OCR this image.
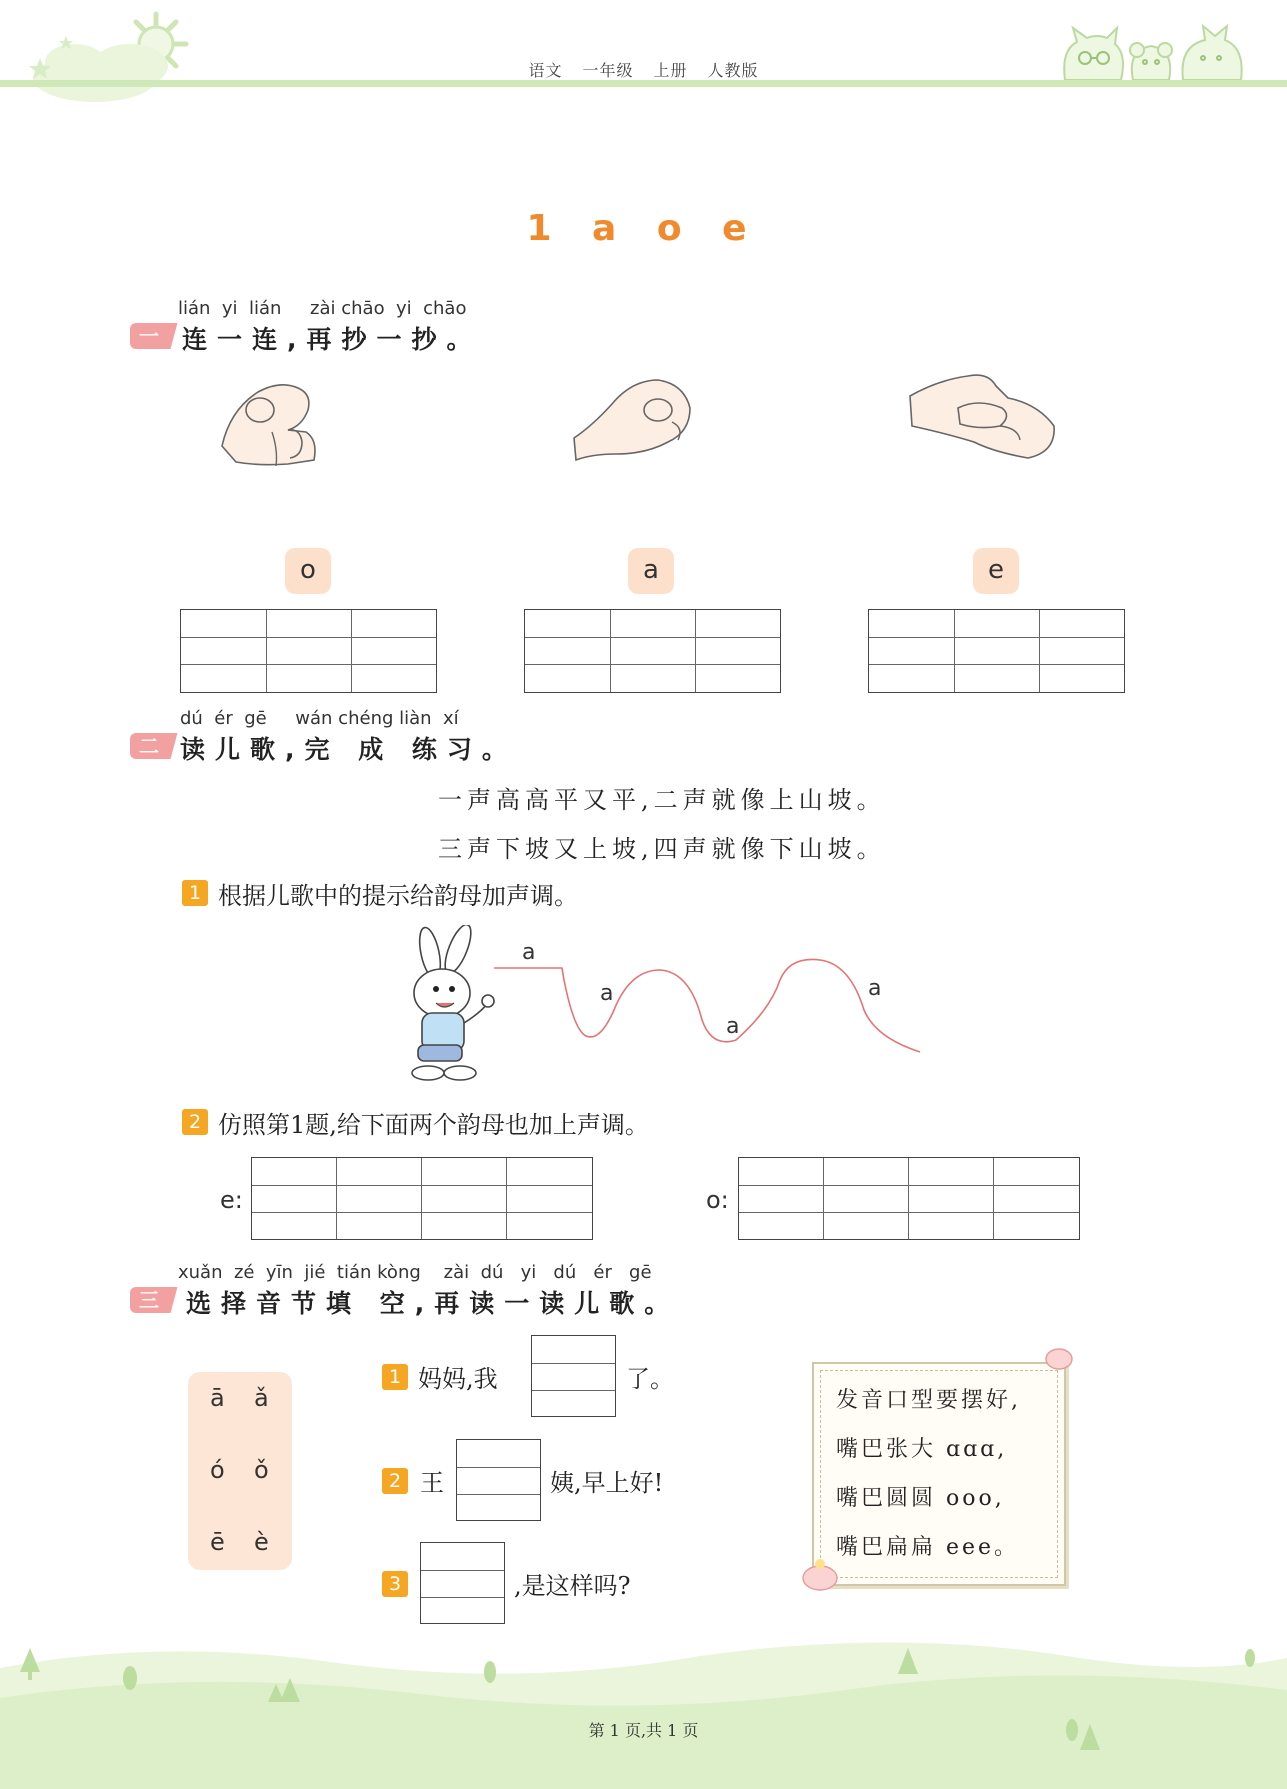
语文 一年级 上册 人教版
1 a o e
lián  yi  lián     zài chāo  yi  chāo
一 连一连,再抄一抄。
o	a	e
dú  ér  gē     wán chéng liàn  xí
二 读儿歌,完 成 练习。
一声高高平又平,二声就像上山坡。
三声下坡又上坡,四声就像下山坡。
1 根据儿歌中的提示给韵母加声调。
a
a
a
a
2 仿照第1题,给下面两个韵母也加上声调。
e:	o:
xuǎn  zé  yīn  jié  tián kòng    zài  dú   yi   dú   ér   gē
三	选择音节填 空,再读一读儿歌。
ā ǎ
ó ǒ
ē è
1 妈妈,我	了。
2 王	姨,早上好!
3	,是这样吗?
发音口型要摆好,
嘴巴张大 ɑɑɑ,
嘴巴圆圆 ooo,
嘴巴扁扁 eee。
第 1 页,共 1 页
